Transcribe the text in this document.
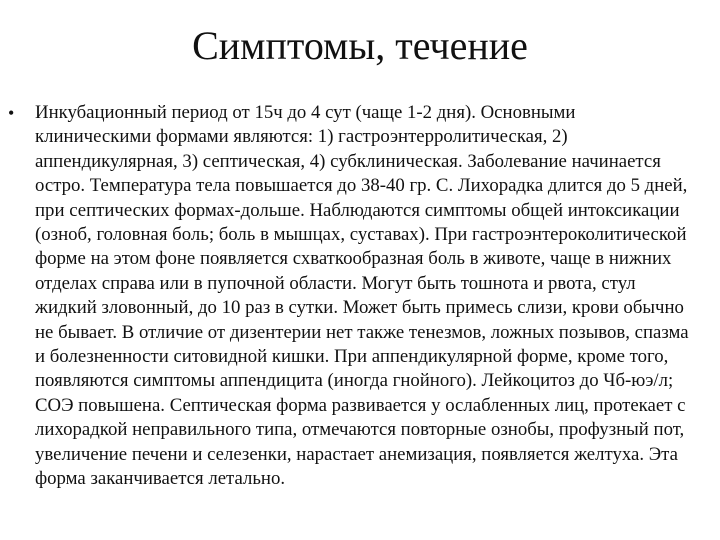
Симптомы, течение
•	Инкубационный период от 15ч до 4 сут (чаще 1-2 дня). Основными клиническими формами являются: 1) гастроэнтерролитическая, 2) аппендикулярная, 3) септическая, 4) субклиническая. Заболевание начинается остро. Температура тела повышается до 38-40 гр. С. Лихорадка длится до 5 дней, при септических формах-дольше. Наблюдаются симптомы общей интоксикации (озноб, головная боль; боль в мышцах, суставах). При гастроэнтероколитической форме на этом фоне появляется схваткообразная боль в животе, чаще в нижних отделах справа или в пупочной области. Могут быть тошнота и рвота, стул жидкий зловонный, до 10 раз в сутки. Может быть примесь слизи, крови обычно не бывает. В отличие от дизентерии нет также тенезмов, ложных позывов, спазма и болезненности ситовидной кишки. При аппендикулярной форме, кроме того, появляются симптомы аппендицита (иногда гнойного). Лейкоцитоз до Чб-юэ/л; СОЭ повышена. Септическая форма развивается у ослабленных лиц, протекает с лихорадкой неправильного типа, отмечаются повторные ознобы, профузный пот, увеличение печени и селезенки, нарастает анемизация, появляется желтуха. Эта форма заканчивается летально.
